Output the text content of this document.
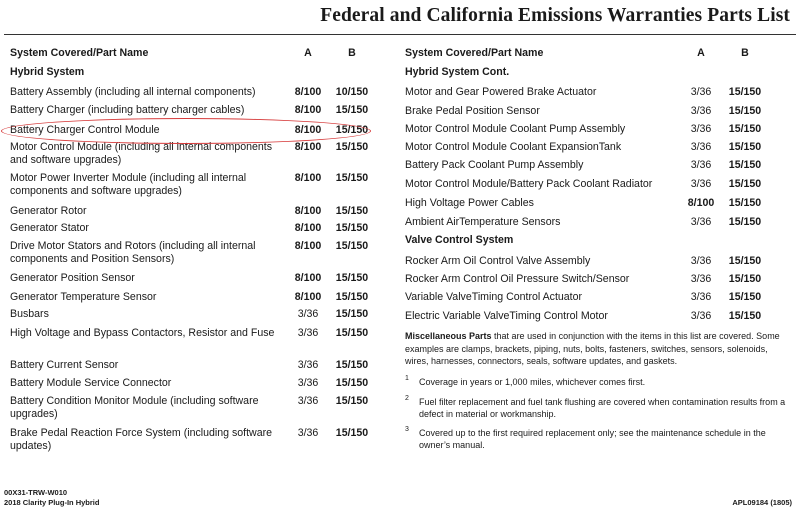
Federal and California Emissions Warranties Parts List
System Covered/Part Name	A	B
Hybrid System
Battery Assembly (including all internal components)	8/100	10/150
Battery Charger (including battery charger cables)	8/100	15/150
Battery Charger Control Module	8/100	15/150
Motor Control Module (including all internal components and software upgrades)
8/100	15/150
Motor Power Inverter Module (including all internal components and software upgrades)
8/100	15/150
Generator Rotor	8/100	15/150
Generator Stator	8/100	15/150
Drive Motor Stators and Rotors (including all internal components and Position Sensors)
8/100	15/150
Generator Position Sensor	8/100	15/150
Generator Temperature Sensor	8/100	15/150
Busbars	3/36	15/150
High Voltage and Bypass Contactors, Resistor and Fuse	3/36	15/150
Battery Current Sensor	3/36	15/150
Battery Module Service Connector	3/36	15/150
Battery Condition Monitor Module (including software upgrades)
3/36	15/150
Brake Pedal Reaction Force System (including software updates)
3/36	15/150
System Covered/Part Name	A	B
Hybrid System Cont.
Motor and Gear Powered Brake Actuator	3/36	15/150
Brake Pedal Position Sensor	3/36	15/150
Motor Control Module Coolant Pump Assembly	3/36	15/150
Motor Control Module Coolant ExpansionTank	3/36	15/150
Battery Pack Coolant Pump Assembly	3/36	15/150
Motor Control Module/Battery Pack Coolant Radiator	3/36	15/150
High Voltage Power Cables	8/100	15/150
Ambient AirTemperature Sensors	3/36	15/150
Valve Control System
Rocker Arm Oil Control Valve Assembly	3/36	15/150
Rocker Arm Control Oil Pressure Switch/Sensor	3/36	15/150
Variable ValveTiming Control Actuator	3/36	15/150
Electric Variable ValveTiming Control Motor	3/36	15/150
Miscellaneous Parts that are used in conjunction with the items in this list are covered. Some examples are clamps, brackets, piping, nuts, bolts, fasteners, switches, sensors, solenoids, wires, harnesses, connectors, seals, software updates, and gaskets.
1 Coverage in years or 1,000 miles, whichever comes first.
2 Fuel filter replacement and fuel tank flushing are covered when contamination results from a defect in material or workmanship.
3 Covered up to the first required replacement only; see the maintenance schedule in the owner’s manual.
00X31-TRW-W010
2018 Clarity Plug-In Hybrid	APL09184 (1805)
